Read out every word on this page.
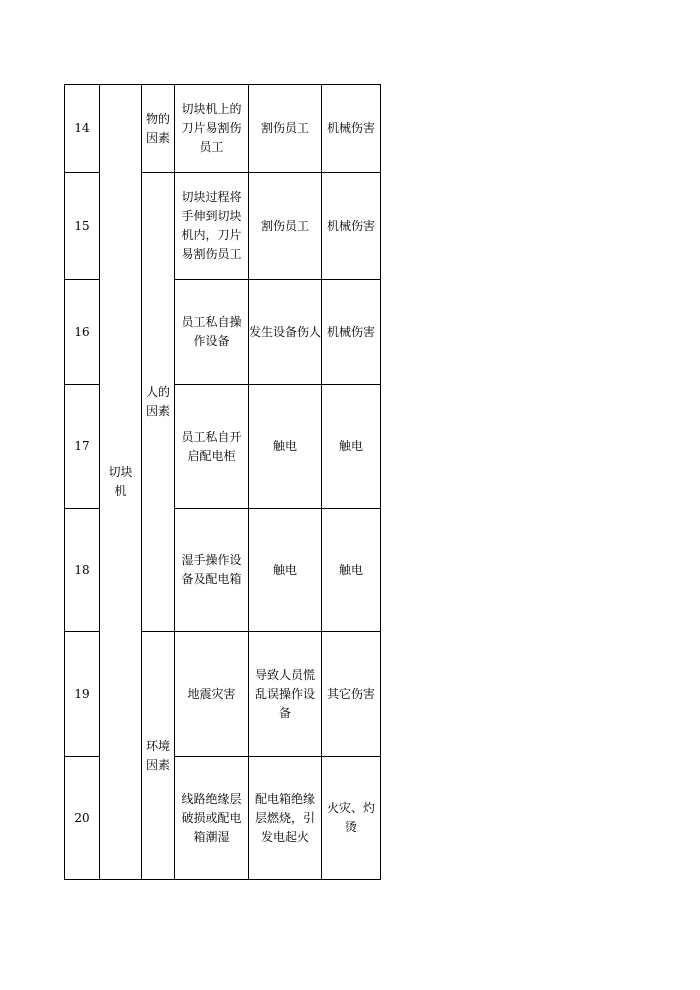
14	切块机	物的因素	切块机上的刀片易割伤员工	割伤员工	机械伤害
15		人的因素	切块过程将手伸到切块机内，刀片易割伤员工	割伤员工	机械伤害
16			员工私自操作设备	发生设备伤人	机械伤害
17			员工私自开启配电柜	触电	触电
18			湿手操作设备及配电箱	触电	触电
19		环境因素	地震灾害	导致人员慌乱误操作设备	其它伤害
20			线路绝缘层破损或配电箱潮湿	配电箱绝缘层燃烧，引发电起火	火灾、灼烫
